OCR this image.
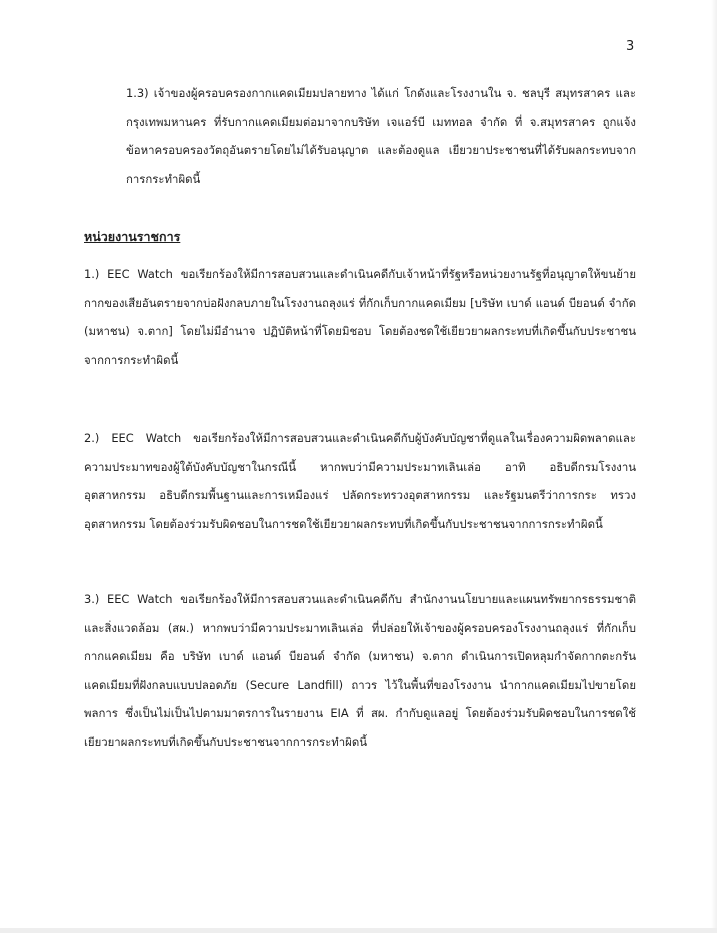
3

1.3) เจ้าของผู้ครอบครองกากแคดเมียมปลายทาง ได้แก่ โกดังและโรงงานใน จ. ชลบุรี สมุทรสาคร และกรุงเทพมหานคร ที่รับกากแคดเมียมต่อมาจากบริษัท เจแอร์บี เมททอล จำกัด ที่ จ.สมุทรสาคร ถูกแจ้งข้อหาครอบครองวัตถุอันตรายโดยไม่ได้รับอนุญาต และต้องดูแล เยียวยาประชาชนที่ได้รับผลกระทบจากการกระทำผิดนี้

หน่วยงานราชการ

1.) EEC Watch ขอเรียกร้องให้มีการสอบสวนและดำเนินคดีกับเจ้าหน้าที่รัฐหรือหน่วยงานรัฐที่อนุญาตให้ขนย้ายกากของเสียอันตรายจากบ่อฝังกลบภายในโรงงานถลุงแร่ ที่กักเก็บกากแคดเมียม [บริษัท เบาด์ แอนด์ บียอนด์ จำกัด (มหาชน) จ.ตาก] โดยไม่มีอำนาจ ปฏิบัติหน้าที่โดยมิชอบ โดยต้องชดใช้เยียวยาผลกระทบที่เกิดขึ้นกับประชาชนจากการกระทำผิดนี้

2.) EEC Watch ขอเรียกร้องให้มีการสอบสวนและดำเนินคดีกับผู้บังคับบัญชาที่ดูแลในเรื่องความผิดพลาดและความประมาทของผู้ใต้บังคับบัญชาในกรณีนี้ หากพบว่ามีความประมาทเลินเล่อ อาทิ อธิบดีกรมโรงงานอุตสาหกรรม อธิบดีกรมพื้นฐานและการเหมืองแร่ ปลัดกระทรวงอุตสาหกรรม และรัฐมนตรีว่าการกระ ทรวงอุตสาหกรรม โดยต้องร่วมรับผิดชอบในการชดใช้เยียวยาผลกระทบที่เกิดขึ้นกับประชาชนจากการกระทำผิดนี้

3.) EEC Watch ขอเรียกร้องให้มีการสอบสวนและดำเนินคดีกับ สำนักงานนโยบายและแผนทรัพยากรธรรมชาติและสิ่งแวดล้อม (สผ.) หากพบว่ามีความประมาทเลินเล่อ ที่ปล่อยให้เจ้าของผู้ครอบครองโรงงานถลุงแร่ ที่กักเก็บกากแคดเมียม คือ บริษัท เบาด์ แอนด์ บียอนด์ จำกัด (มหาชน) จ.ตาก ดำเนินการเปิดหลุมกำจัดกากตะกรันแคดเมียมที่ฝังกลบแบบปลอดภัย (Secure Landfill) ถาวร ไว้ในพื้นที่ของโรงงาน นำกากแคดเมียมไปขายโดยพลการ ซึ่งเป็นไม่เป็นไปตามมาตรการในรายงาน EIA ที่ สผ. กำกับดูแลอยู่ โดยต้องร่วมรับผิดชอบในการชดใช้เยียวยาผลกระทบที่เกิดขึ้นกับประชาชนจากการกระทำผิดนี้
